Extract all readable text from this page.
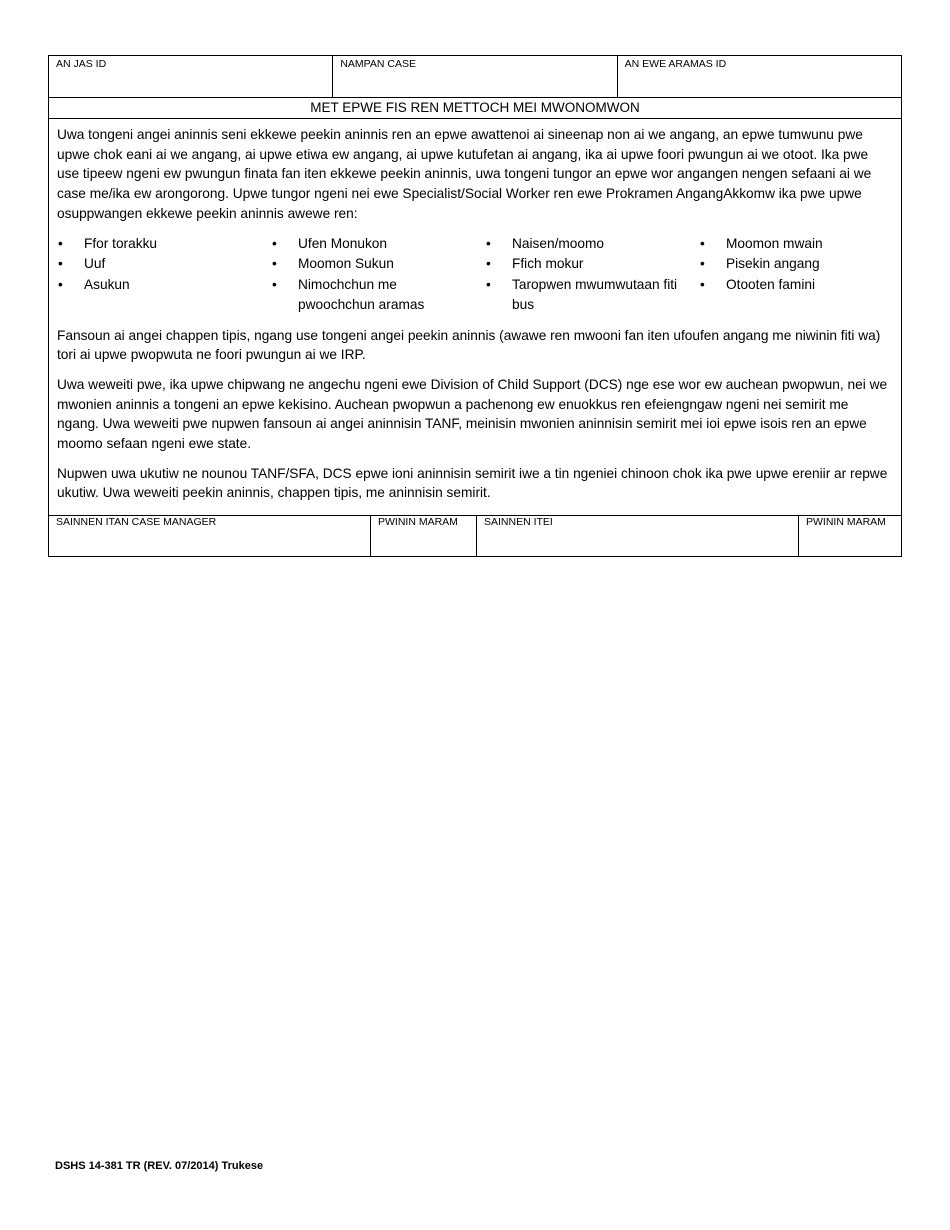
AN JAS ID	NAMPAN CASE	AN EWE ARAMAS ID
MET EPWE FIS REN METTOCH MEI MWONOMWON

Uwa tongeni angei aninnis seni ekkewe peekin aninnis ren an epwe awattenoi ai sineenap non ai we angang, an epwe tumwunu pwe upwe chok eani ai we angang, ai upwe etiwa ew angang, ai upwe kutufetan ai angang, ika ai upwe foori pwungun ai we otoot. Ika pwe use tipeew ngeni ew pwungun finata fan iten ekkewe peekin aninnis, uwa tongeni tungor an epwe wor angangen nengen sefaani ai we case me/ika ew arongorong. Upwe tungor ngeni nei ewe Specialist/Social Worker ren ewe Prokramen AngangAkkomw ika pwe upwe osuppwangen ekkewe peekin aninnis awewe ren:

• Ffor torakku
• Uuf
• Asukun
• Ufen Monukon
• Moomon Sukun
• Nimochchun me pwoochchun aramas
• Naisen/moomo
• Ffich mokur
• Taropwen mwumwutaan fiti bus
• Moomon mwain
• Pisekin angang
• Otooten famini

Fansoun ai angei chappen tipis, ngang use tongeni angei peekin aninnis (awawe ren mwooni fan iten ufoufen angang me niwinin fiti wa) tori ai upwe pwopwuta ne foori pwungun ai we IRP.

Uwa weweiti pwe, ika upwe chipwang ne angechu ngeni ewe Division of Child Support (DCS) nge ese wor ew auchean pwopwun, nei we mwonien aninnis a tongeni an epwe kekisino. Auchean pwopwun a pachenong ew enuokkus ren efeiengngaw ngeni nei semirit me ngang. Uwa weweiti pwe nupwen fansoun ai angei aninnisin TANF, meinisin mwonien aninnisin semirit mei ioi epwe isois ren an epwe moomo sefaan ngeni ewe state.

Nupwen uwa ukutiw ne nounou TANF/SFA, DCS epwe ioni aninnisin semirit iwe a tin ngeniei chinoon chok ika pwe upwe ereniir ar repwe ukutiw. Uwa weweiti peekin aninnis, chappen tipis, me aninnisin semirit.

SAINNEN ITAN CASE MANAGER	PWININ MARAM	SAINNEN ITEI	PWININ MARAM
DSHS 14-381 TR (REV. 07/2014) Trukese
